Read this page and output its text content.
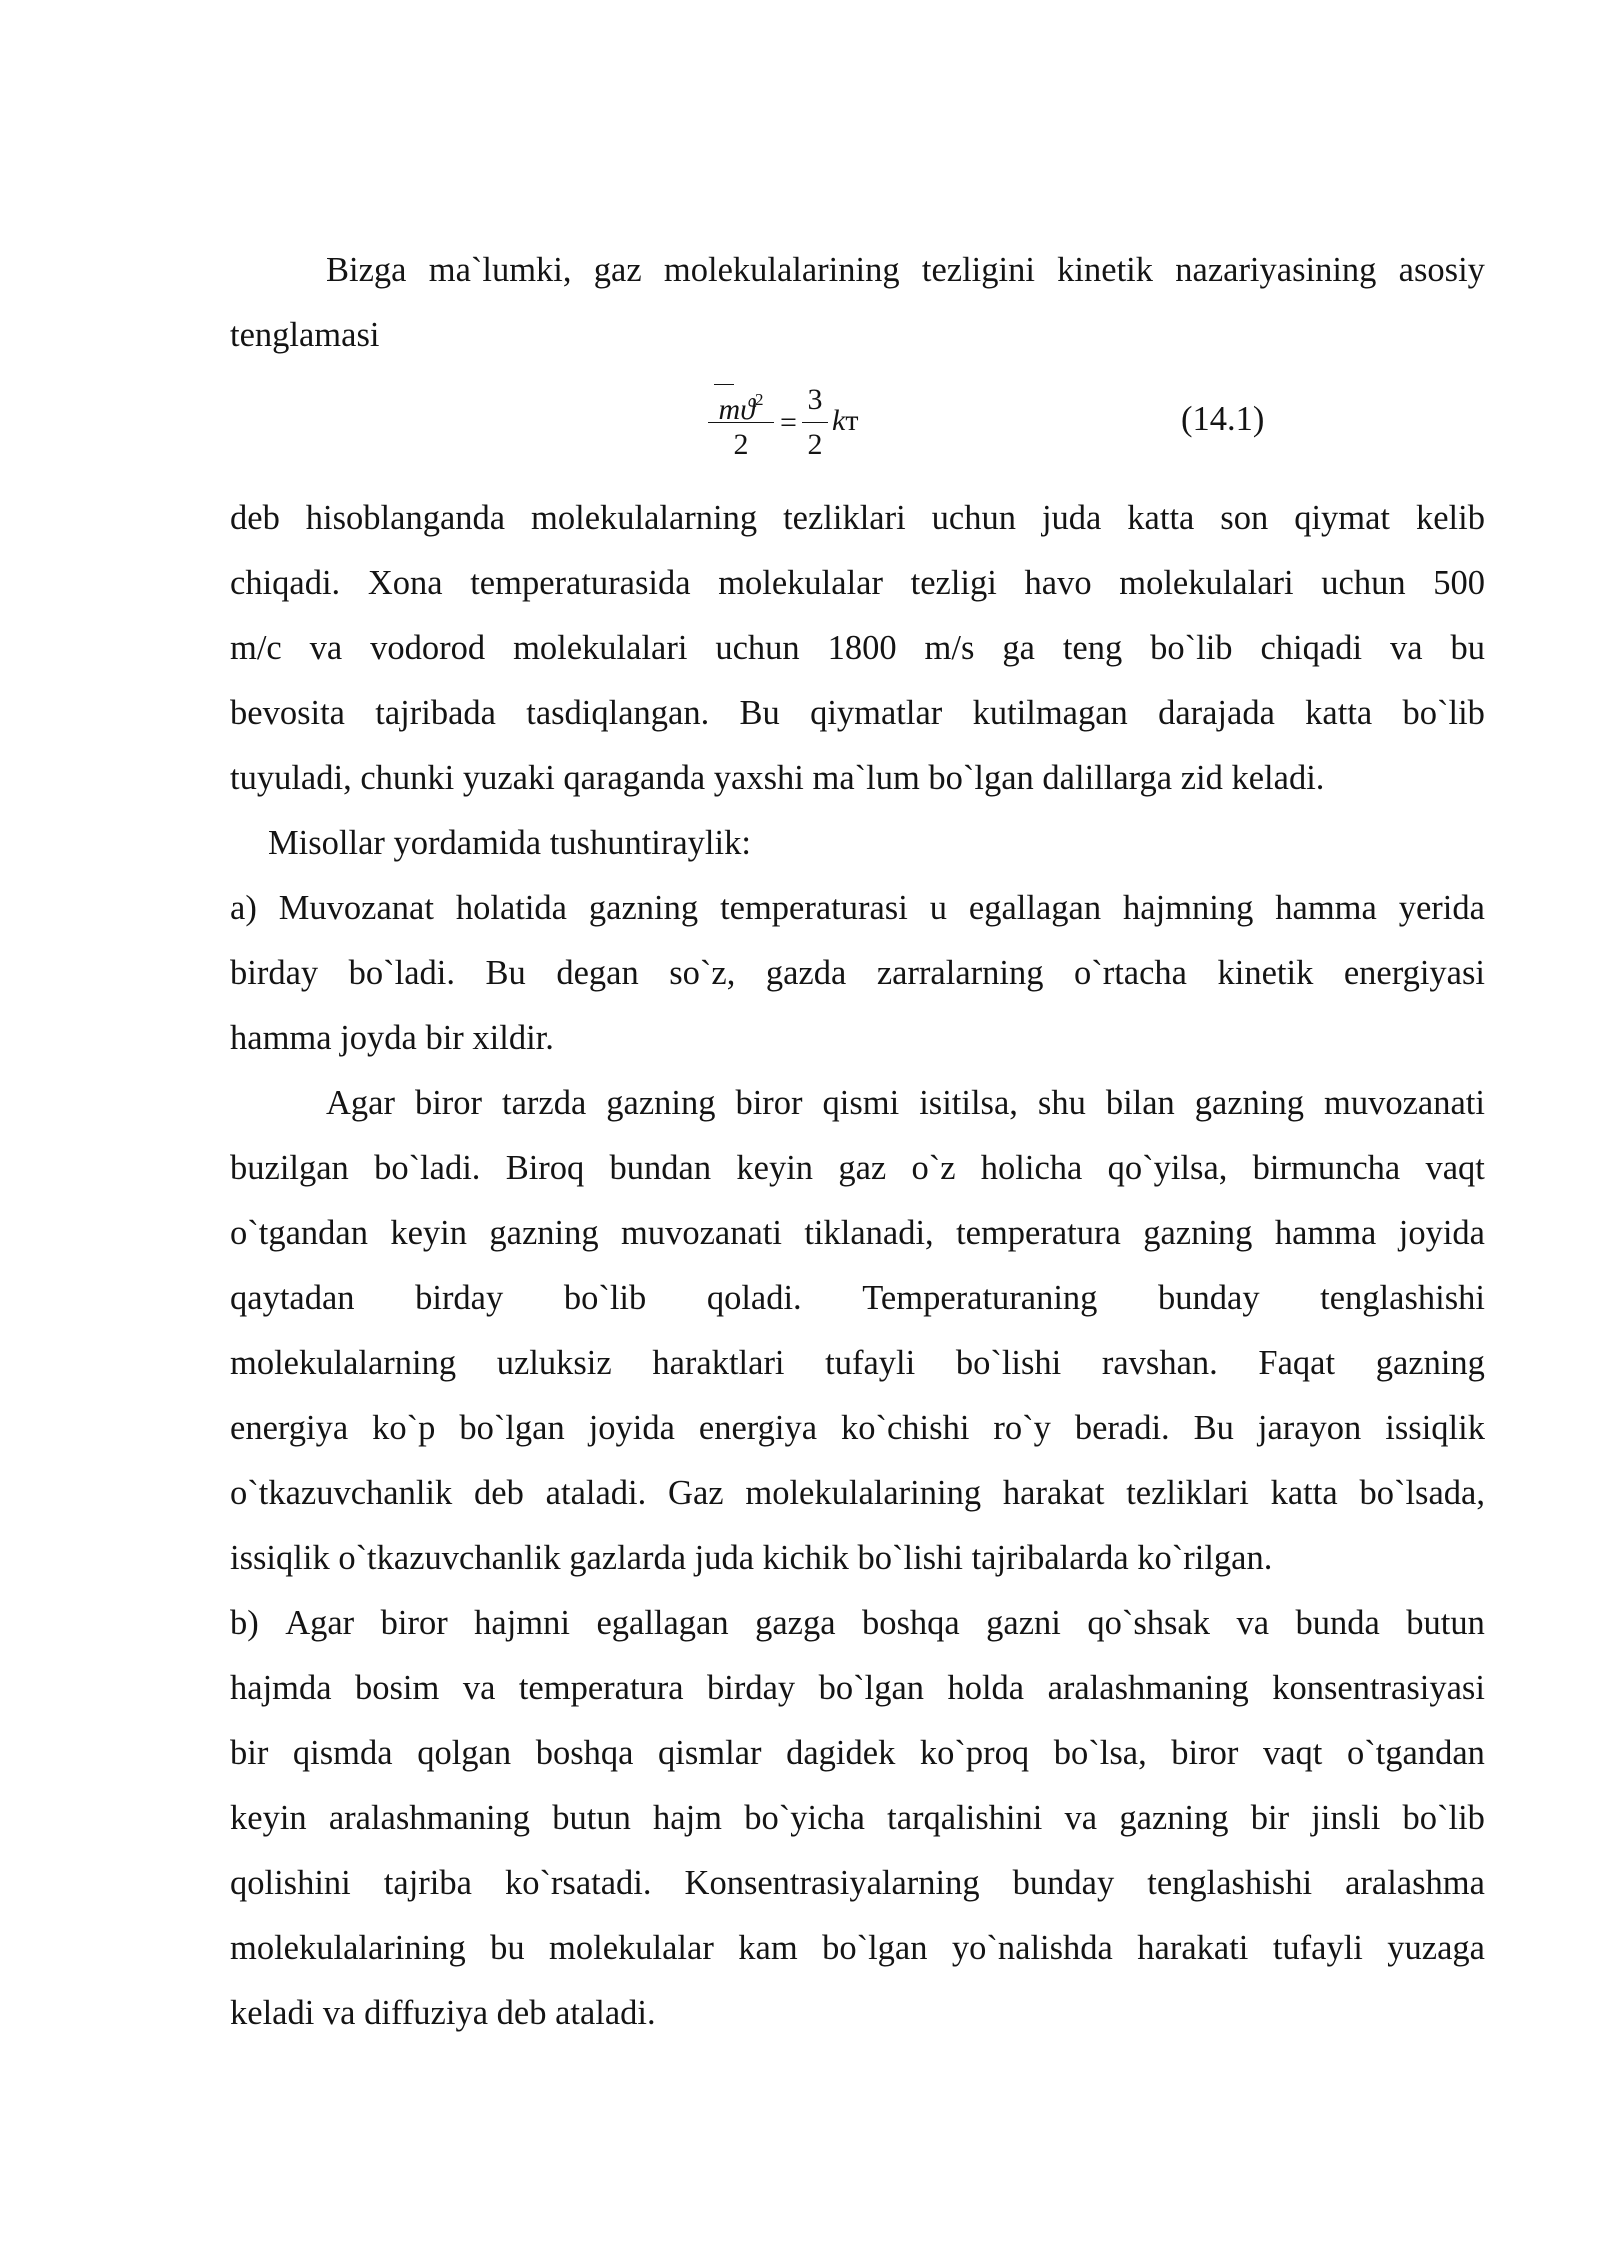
Bizga ma`lumki, gaz molekulalarining tezligini kinetik nazariyasining asosiy
tenglamasi
$mϑ^2$
2
=
3
2
kт	(14.1)
deb hisoblanganda molekulalarning tezliklari uchun juda katta son qiymat kelib
chiqadi. Xona temperaturasida molekulalar tezligi havo molekulalari uchun 500
m/c va vodorod molekulalari uchun 1800 m/s ga teng bo`lib chiqadi va bu
bevosita tajribada tasdiqlangan. Bu qiymatlar kutilmagan darajada katta bo`lib
tuyuladi, chunki yuzaki qaraganda yaxshi ma`lum bo`lgan dalillarga zid keladi.
Misollar yordamida tushuntiraylik:
a) Muvozanat holatida gazning temperaturasi u egallagan hajmning hamma yerida
birday bo`ladi. Bu degan so`z, gazda zarralarning o`rtacha kinetik energiyasi
hamma joyda bir xildir.
Agar biror tarzda gazning biror qismi isitilsa, shu bilan gazning muvozanati
buzilgan bo`ladi. Biroq bundan keyin gaz o`z holicha qo`yilsa, birmuncha vaqt
o`tgandan keyin gazning muvozanati tiklanadi, temperatura gazning hamma joyida
qaytadan birday bo`lib qoladi. Temperaturaning bunday tenglashishi
molekulalarning uzluksiz haraktlari tufayli bo`lishi ravshan. Faqat gazning
energiya ko`p bo`lgan joyida energiya ko`chishi ro`y beradi. Bu jarayon issiqlik
o`tkazuvchanlik deb ataladi. Gaz molekulalarining harakat tezliklari katta bo`lsada,
issiqlik o`tkazuvchanlik gazlarda juda kichik bo`lishi tajribalarda ko`rilgan.
b) Agar biror hajmni egallagan gazga boshqa gazni qo`shsak va bunda butun
hajmda bosim va temperatura birday bo`lgan holda aralashmaning konsentrasiyasi
bir qismda qolgan boshqa qismlar dagidek ko`proq bo`lsa, biror vaqt o`tgandan
keyin aralashmaning butun hajm bo`yicha tarqalishini va gazning bir jinsli bo`lib
qolishini tajriba ko`rsatadi. Konsentrasiyalarning bunday tenglashishi aralashma
molekulalarining bu molekulalar kam bo`lgan yo`nalishda harakati tufayli yuzaga
keladi va diffuziya deb ataladi.
